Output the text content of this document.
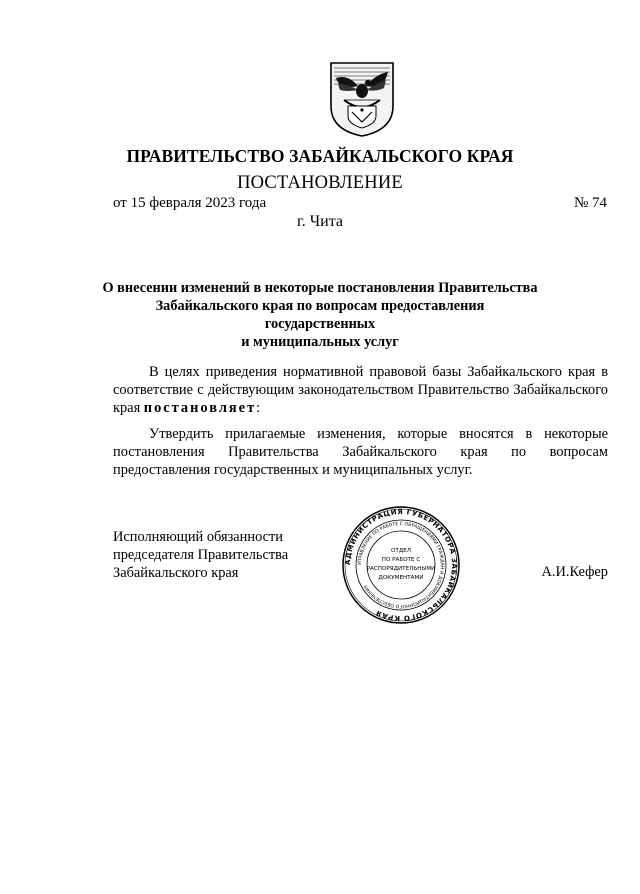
ПРАВИТЕЛЬСТВО ЗАБАЙКАЛЬСКОГО КРАЯ
ПОСТАНОВЛЕНИЕ
от 15 февраля 2023 года	№ 74
г. Чита
О внесении изменений в некоторые постановления Правительства
Забайкальского края по вопросам предоставления государственных
и муниципальных услуг
В целях приведения нормативной правовой базы Забайкальского края в соответствие с действующим законодательством Правительство Забайкальского края постановляет:
Утвердить прилагаемые изменения, которые вносятся в некоторые постановления Правительства Забайкальского края по вопросам предоставления государственных и муниципальных услуг.
Исполняющий обязанности
председателя Правительства
Забайкальского края	А.И.Кефер
АДМИНИСТРАЦИЯ ГУБЕРНАТОРА ЗАБАЙКАЛЬСКОГО КРАЯ
УПРАВЛЕНИЕ ПО РАБОТЕ С ОБРАЩЕНИЯМИ ГРАЖДАН И ДОКУМЕНТАЦИОННОГО ОБЕСПЕЧЕНИЯ
ОТДЕЛ
ПО РАБОТЕ С
РАСПОРЯДИТЕЛЬНЫМИ
ДОКУМЕНТАМИ
